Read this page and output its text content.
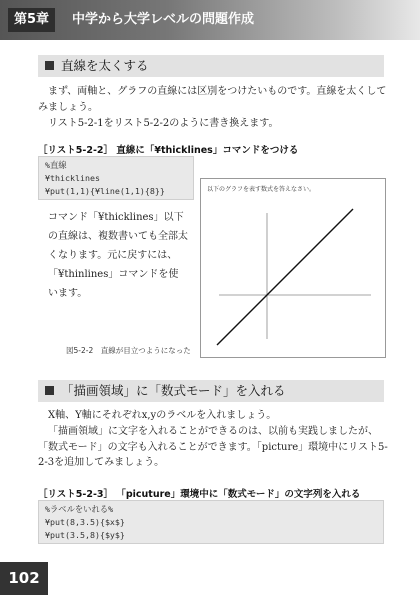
第5章	中学から大学レベルの問題作成
直線を太くする
まず、両軸と、グラフの直線には区別をつけたいものです。直線を太くしてみましょう。
リスト5-2-1をリスト5-2-2のように書き換えます。
［リスト5-2-2］ 直線に「¥thicklines」コマンドをつける
%直線
¥thicklines
¥put(1,1){¥line(1,1){8}}
コマンド「¥thicklines」以下の直線は、複数書いても全部太くなります。元に戻すには、「¥thinlines」コマンドを使います。
以下のグラフを表す数式を答えなさい。
図5-2-2　直線が目立つようになった
「描画領域」に「数式モード」を入れる
X軸、Y軸にそれぞれx,yのラベルを入れましょう。
「描画領域」に文字を入れることができるのは、以前も実践しましたが、「数式モード」の文字も入れることができます。「picture」環境中にリスト5-2-3を追加してみましょう。
［リスト5-2-3］ 「picuture」環境中に「数式モード」の文字列を入れる
%ラベルをいれる%
¥put(8,3.5){$x$}
¥put(3.5,8){$y$}
102
